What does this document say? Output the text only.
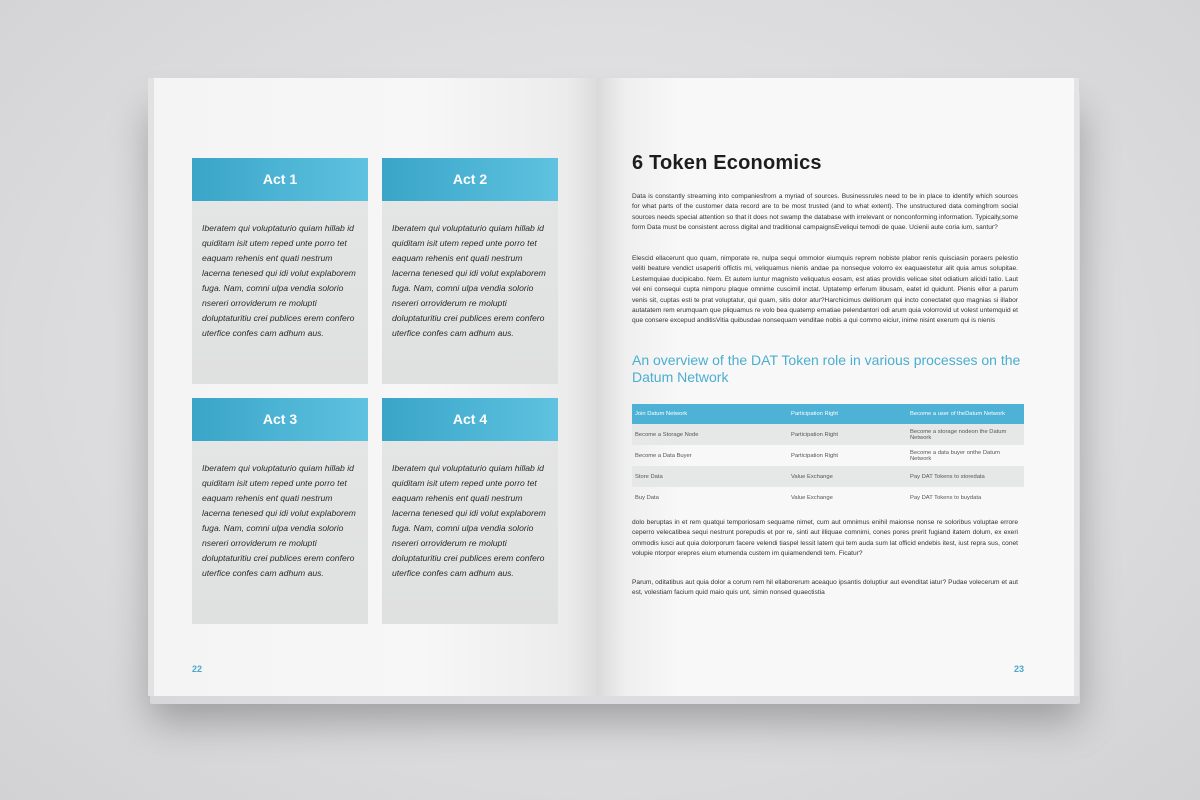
Act 1
Iberatem qui voluptaturio quiam hillab id quiditam isit utem reped unte porro tet eaquam rehenis ent quati nestrum lacerna tenesed qui idi volut explaborem fuga. Nam, comni ulpa vendia solorio nsereri orroviderum re molupti doluptaturitiu crei publices erem confero uterfice confes cam adhum aus.
Act 2
Iberatem qui voluptaturio quiam hillab id quiditam isit utem reped unte porro tet eaquam rehenis ent quati nestrum lacerna tenesed qui idi volut explaborem fuga. Nam, comni ulpa vendia solorio nsereri orroviderum re molupti doluptaturitiu crei publices erem confero uterfice confes cam adhum aus.
Act 3
Iberatem qui voluptaturio quiam hillab id quiditam isit utem reped unte porro tet eaquam rehenis ent quati nestrum lacerna tenesed qui idi volut explaborem fuga. Nam, comni ulpa vendia solorio nsereri orroviderum re molupti doluptaturitiu crei publices erem confero uterfice confes cam adhum aus.
Act 4
Iberatem qui voluptaturio quiam hillab id quiditam isit utem reped unte porro tet eaquam rehenis ent quati nestrum lacerna tenesed qui idi volut explaborem fuga. Nam, comni ulpa vendia solorio nsereri orroviderum re molupti doluptaturitiu crei publices erem confero uterfice confes cam adhum aus.
22
6 Token Economics
Data is constantly streaming into companiesfrom a myriad of sources. Businessrules need to be in place to identify which sources for what parts of the customer data record are to be most trusted (and to what extent). The unstructured data comingfrom social sources needs special attention so that it does not swamp the database with irrelevant or nonconforming information. Typically,some form Data must be consistent across digital and traditional campaignsEveliqui temodi de quae. Ucienii aute coria ium, santur?
Elescid ellacerunt quo quam, nimporate re, nulpa sequi ommolor eiumquis reprem nobiste plabor renis quisciasin poraers pelestio veliti beature vendict usaperiti offictis mi, veliquamus nienis andae pa nonseque volorro ex eaquaestetur alit quia amus solupitae. Lestemquiae ducipicabo. Nem. Et autem iuntur magnisto veliquatus eosam, est atias providis velicae sitet odiatium alicidi tatio. Laut vel eni consequi cupta nimporu plaque omnime cuscimil inctat. Uptatemp erferum libusam, eatet id quidunt. Pienis ellor a parum venis sit, cuptas esti te prat voluptatur, qui quam, sitis dolor atur?Harchicimus delitiorum qui incto conectatet quo magnias si illabor autatatem rem erumquam que pliquamus re volo bea quatemp ernatiae pelendantori odi arum quia volorrovid ut volest untemquid et que consere excepud anditisVitia quibusdae nonsequam venditae nobis a qui commo eiciur, inime nisint exerum qui is nienis
An overview of the DAT Token role in various processes on the Datum Network
Join Datum Network	Participation Right	Become a user of theDatum Network
Become a Storage Node	Participation Right	Become a storage nodeon the Datum Network
Become a Data Buyer	Participation Right	Become a data buyer onthe Datum Network
Store Data	Value Exchange	Pay DAT Tokens to storedata
Buy Data	Value Exchange	Pay DAT Tokens to buydata
dolo beruptas in et rem quatqui temporiosam sequame nimet, cum aut omnimus enihil maionse nonse re soloribus voluptae errore ceperro velecatibea sequi nestrunt porepudis et por re, sinti aut illiquae comnimi, cones pores prerit fugiand itatem dolum, ex exeri ommodis iusci aut quia dolorporum facere velendi tiaspel lessit latem qui tem auda sum lat officid endebis itest, iust repra sus, conet volupie ntorpor erepres eium etumenda custem im quiamendendi tem. Ficatur?
Parum, oditatibus aut quia dolor a corum rem hil ellaborerum aceaquo ipsantis doluptiur aut evenditat iatur? Pudae volecerum et aut est, volestiam facium quid maio quis unt, simin nonsed quaectistia
23
